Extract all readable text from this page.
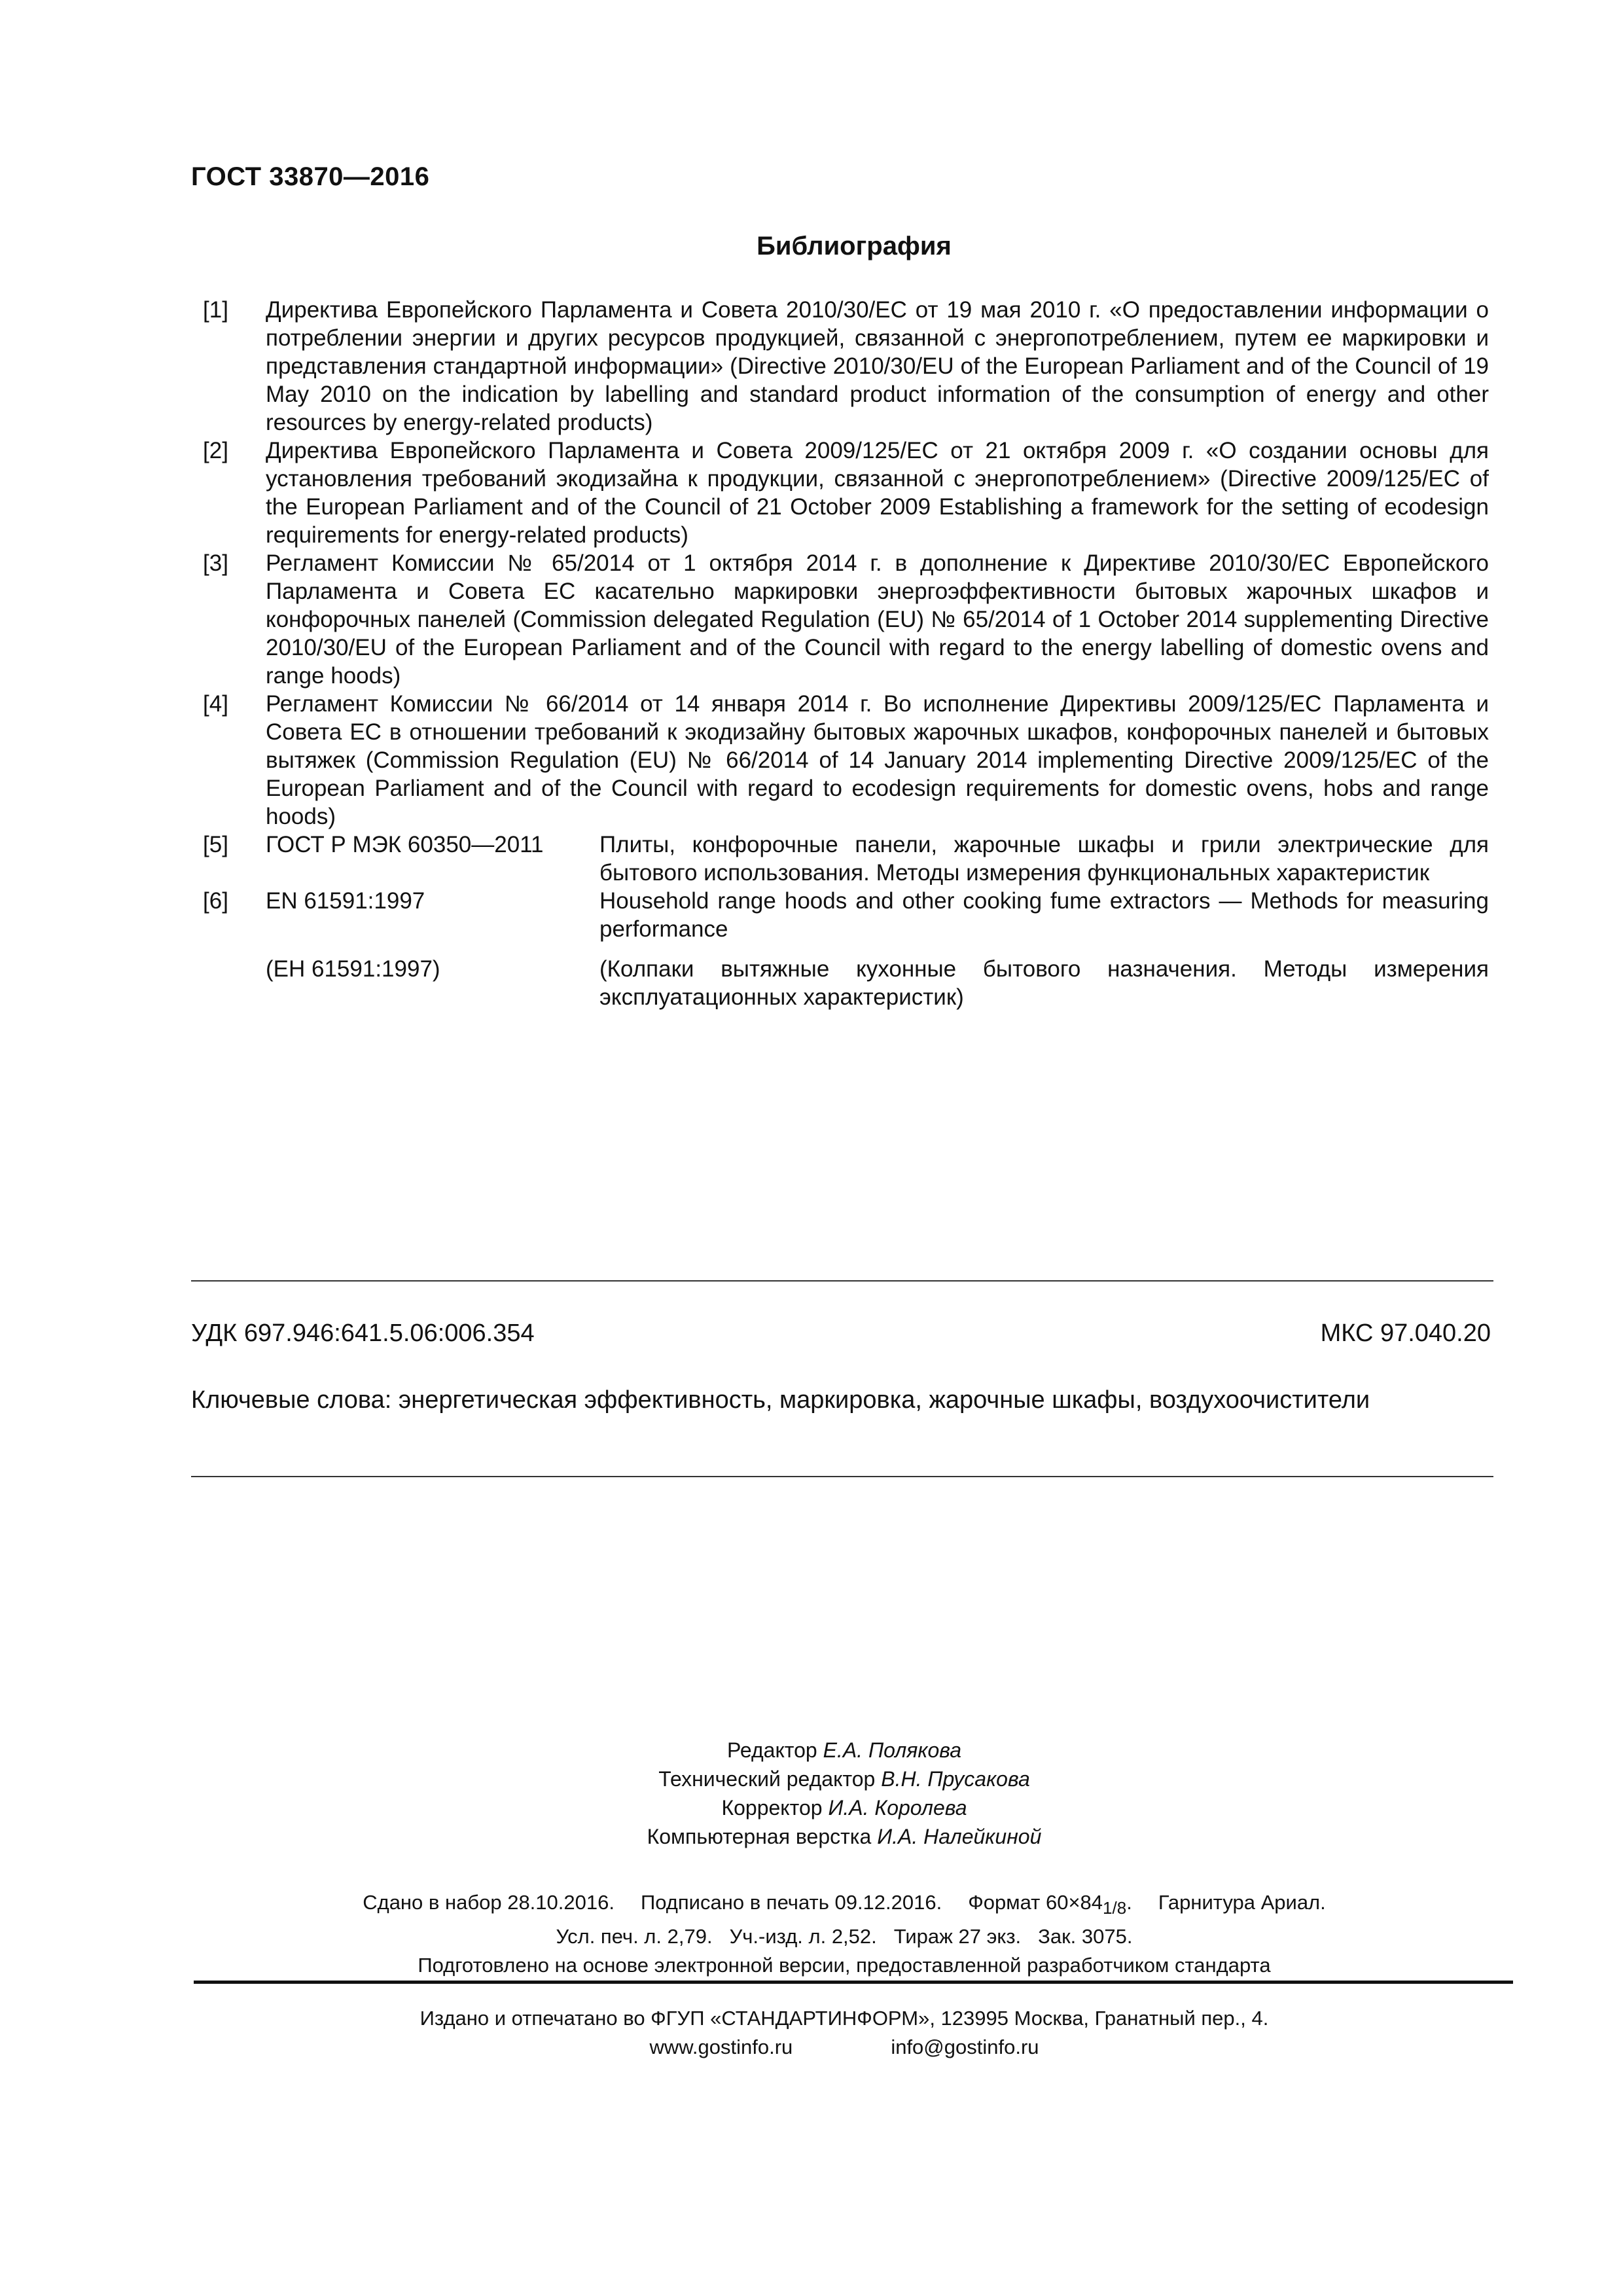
ГОСТ 33870—2016
Библиография
[1]	Директива Европейского Парламента и Совета 2010/30/ЕС от 19 мая 2010 г. «О предоставлении информации о потреблении энергии и других ресурсов продукцией, связанной с энергопотреблением, путем ее маркировки и представления стандартной информации» (Directive 2010/30/EU of the European Parliament and of the Council of 19 May 2010 on the indication by labelling and standard product information of the consumption of energy and other resources by energy-related products)
[2]	Директива Европейского Парламента и Совета 2009/125/ЕС от 21 октября 2009 г. «О создании основы для установления требований экодизайна к продукции, связанной с энергопотреблением» (Directive 2009/125/EC of the European Parliament and of the Council of 21 October 2009 Establishing a framework for the setting of ecodesign requirements for energy-related products)
[3]	Регламент Комиссии № 65/2014 от 1 октября 2014 г. в дополнение к Директиве 2010/30/ЕС Европейского Парламента и Совета ЕС касательно маркировки энергоэффективности бытовых жарочных шкафов и конфорочных панелей (Commission delegated Regulation (EU) № 65/2014 of 1 October 2014 supplementing Directive 2010/30/EU of the European Parliament and of the Council with regard to the energy labelling of domestic ovens and range hoods)
[4]	Регламент Комиссии № 66/2014 от 14 января 2014 г. Во исполнение Директивы 2009/125/ЕС Парламента и Совета ЕС в отношении требований к экодизайну бытовых жарочных шкафов, конфорочных панелей и бытовых вытяжек (Commission Regulation (EU) № 66/2014 of 14 January 2014 implementing Directive 2009/125/EC of the European Parliament and of the Council with regard to ecodesign requirements for domestic ovens, hobs and range hoods)
[5]	ГОСТ Р МЭК 60350—2011	Плиты, конфорочные панели, жарочные шкафы и грили электрические для бытового использования. Методы измерения функциональных характеристик
[6]	EN 61591:1997	Household range hoods and other cooking fume extractors — Methods for measuring performance
(ЕН 61591:1997)	(Колпаки вытяжные кухонные бытового назначения. Методы измерения эксплуатационных характеристик)
УДК 697.946:641.5.06:006.354	МКС 97.040.20
Ключевые слова: энергетическая эффективность, маркировка, жарочные шкафы, воздухоочистители
Редактор Е.А. Полякова
Технический редактор В.Н. Прусакова
Корректор И.А. Королева
Компьютерная верстка И.А. Налейкиной
Сдано в набор 28.10.2016. Подписано в печать 09.12.2016. Формат $60\times 84_{1/8}$. Гарнитура Ариал.
Усл. печ. л. 2,79. Уч.-изд. л. 2,52. Тираж 27 экз. Зак. 3075.
Подготовлено на основе электронной версии, предоставленной разработчиком стандарта
Издано и отпечатано во ФГУП «СТАНДАРТИНФОРМ», 123995 Москва, Гранатный пер., 4.
www.gostinfo.ru	info@gostinfo.ru
